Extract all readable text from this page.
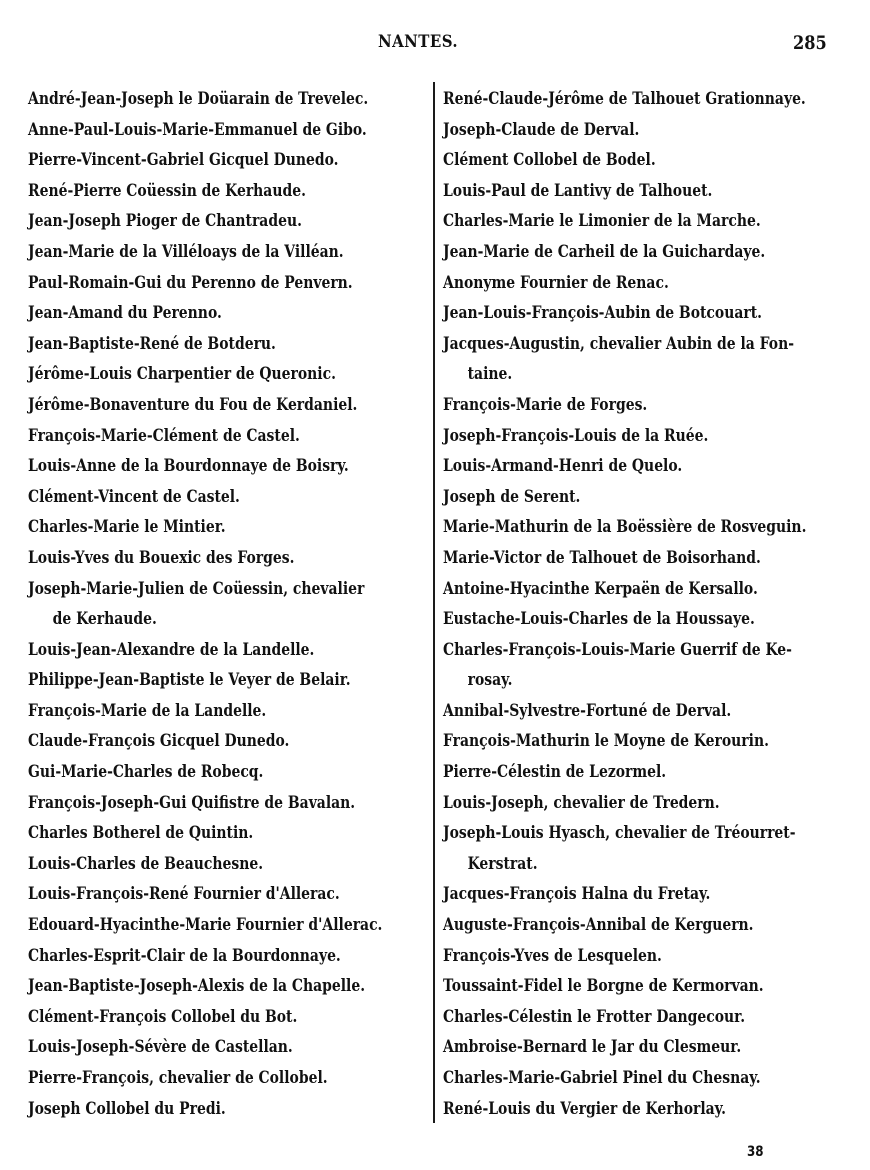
NANTES.	285
André-Jean-Joseph le Doüarain de Trevelec.
Anne-Paul-Louis-Marie-Emmanuel de Gibo.
Pierre-Vincent-Gabriel Gicquel Dunedo.
René-Pierre Coüessin de Kerhaude.
Jean-Joseph Pioger de Chantradeu.
Jean-Marie de la Villéloays de la Villéan.
Paul-Romain-Gui du Perenno de Penvern.
Jean-Amand du Perenno.
Jean-Baptiste-René de Botderu.
Jérôme-Louis Charpentier de Queronic.
Jérôme-Bonaventure du Fou de Kerdaniel.
François-Marie-Clément de Castel.
Louis-Anne de la Bourdonnaye de Boisry.
Clément-Vincent de Castel.
Charles-Marie le Mintier.
Louis-Yves du Bouexic des Forges.
Joseph-Marie-Julien de Coüessin, chevalier
de Kerhaude.
Louis-Jean-Alexandre de la Landelle.
Philippe-Jean-Baptiste le Veyer de Belair.
François-Marie de la Landelle.
Claude-François Gicquel Dunedo.
Gui-Marie-Charles de Robecq.
François-Joseph-Gui Quifistre de Bavalan.
Charles Botherel de Quintin.
Louis-Charles de Beauchesne.
Louis-François-René Fournier d'Allerac.
Edouard-Hyacinthe-Marie Fournier d'Allerac.
Charles-Esprit-Clair de la Bourdonnaye.
Jean-Baptiste-Joseph-Alexis de la Chapelle.
Clément-François Collobel du Bot.
Louis-Joseph-Sévère de Castellan.
Pierre-François, chevalier de Collobel.
Joseph Collobel du Predi.
René-Claude-Jérôme de Talhouet Grationnaye.
Joseph-Claude de Derval.
Clément Collobel de Bodel.
Louis-Paul de Lantivy de Talhouet.
Charles-Marie le Limonier de la Marche.
Jean-Marie de Carheil de la Guichardaye.
Anonyme Fournier de Renac.
Jean-Louis-François-Aubin de Botcouart.
Jacques-Augustin, chevalier Aubin de la Fon-
taine.
François-Marie de Forges.
Joseph-François-Louis de la Ruée.
Louis-Armand-Henri de Quelo.
Joseph de Serent.
Marie-Mathurin de la Boëssière de Rosveguin.
Marie-Victor de Talhouet de Boisorhand.
Antoine-Hyacinthe Kerpaën de Kersallo.
Eustache-Louis-Charles de la Houssaye.
Charles-François-Louis-Marie Guerrif de Ke-
rosay.
Annibal-Sylvestre-Fortuné de Derval.
François-Mathurin le Moyne de Kerourin.
Pierre-Célestin de Lezormel.
Louis-Joseph, chevalier de Tredern.
Joseph-Louis Hyasch, chevalier de Tréourret-
Kerstrat.
Jacques-François Halna du Fretay.
Auguste-François-Annibal de Kerguern.
François-Yves de Lesquelen.
Toussaint-Fidel le Borgne de Kermorvan.
Charles-Célestin le Frotter Dangecour.
Ambroise-Bernard le Jar du Clesmeur.
Charles-Marie-Gabriel Pinel du Chesnay.
René-Louis du Vergier de Kerhorlay.
38
